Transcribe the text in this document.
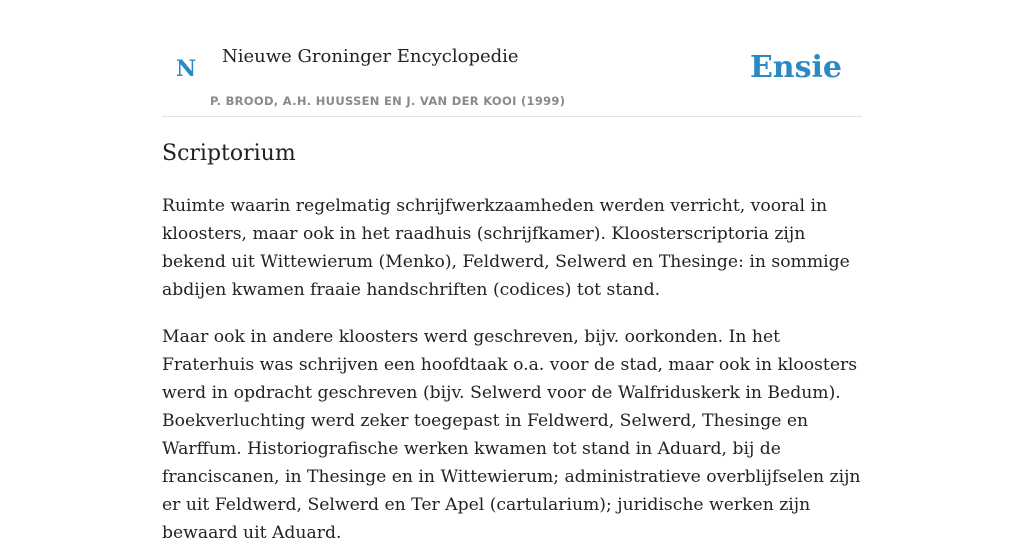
N Nieuwe Groninger Encyclopedie
P. BROOD, A.H. HUUSSEN EN J. VAN DER KOOI (1999)
Ensie
Scriptorium

Ruimte waarin regelmatig schrijfwerkzaamheden werden verricht, vooral in kloosters, maar ook in het raadhuis (schrijfkamer). Kloosterscriptoria zijn bekend uit Wittewierum (Menko), Feldwerd, Selwerd en Thesinge: in sommige abdijen kwamen fraaie handschriften (codices) tot stand.

Maar ook in andere kloosters werd geschreven, bijv. oorkonden. In het Fraterhuis was schrijven een hoofdtaak o.a. voor de stad, maar ook in kloosters werd in opdracht geschreven (bijv. Selwerd voor de Walfriduskerk in Bedum). Boekverluchting werd zeker toegepast in Feldwerd, Selwerd, Thesinge en Warffum. Historiografische werken kwamen tot stand in Aduard, bij de franciscanen, in Thesinge en in Wittewierum; administratieve overblijfselen zijn er uit Feldwerd, Selwerd en Ter Apel (cartularium); juridische werken zijn bewaard uit Aduard.
